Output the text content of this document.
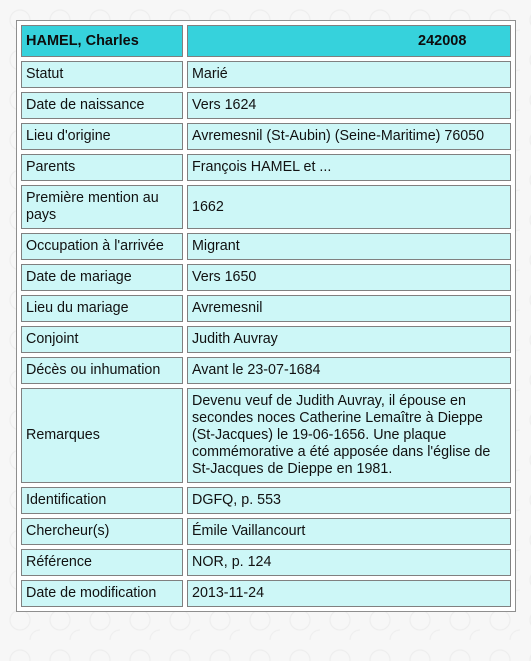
HAMEL, Charles	242008
Statut	Marié
Date de naissance	Vers 1624
Lieu d'origine	Avremesnil (St-Aubin) (Seine-Maritime) 76050
Parents	François HAMEL et ...
Première mention au pays	1662
Occupation à l'arrivée	Migrant
Date de mariage	Vers 1650
Lieu du mariage	Avremesnil
Conjoint	Judith Auvray
Décès ou inhumation	Avant le 23-07-1684
Remarques	Devenu veuf de Judith Auvray, il épouse en secondes noces Catherine Lemaître à Dieppe (St-Jacques) le 19-06-1656. Une plaque commémorative a été apposée dans l'église de St-Jacques de Dieppe en 1981.
Identification	DGFQ, p. 553
Chercheur(s)	Émile Vaillancourt
Référence	NOR, p. 124
Date de modification	2013-11-24
